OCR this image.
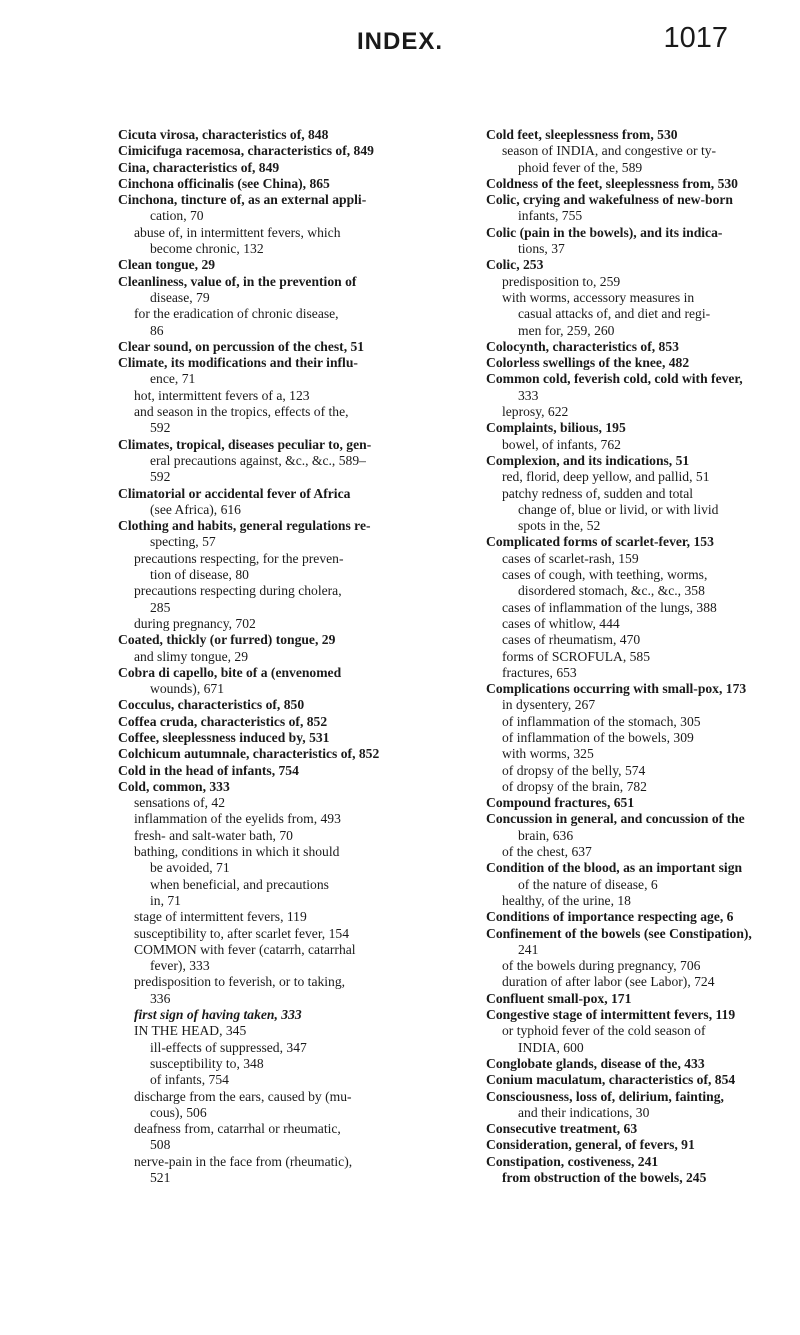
INDEX.	1017
Cicuta virosa, characteristics of, 848
Cimicifuga racemosa, characteristics of, 849
Cina, characteristics of, 849
Cinchona officinalis (see China), 865
Cinchona, tincture of, as an external appli-
cation, 70
abuse of, in intermittent fevers, which
become chronic, 132
Clean tongue, 29
Cleanliness, value of, in the prevention of
disease, 79
for the eradication of chronic disease,
86
Clear sound, on percussion of the chest, 51
Climate, its modifications and their influ-
ence, 71
hot, intermittent fevers of a, 123
and season in the tropics, effects of the,
592
Climates, tropical, diseases peculiar to, gen-
eral precautions against, &c., &c., 589–
592
Climatorial or accidental fever of Africa
(see Africa), 616
Clothing and habits, general regulations re-
specting, 57
precautions respecting, for the preven-
tion of disease, 80
precautions respecting during cholera,
285
during pregnancy, 702
Coated, thickly (or furred) tongue, 29
and slimy tongue, 29
Cobra di capello, bite of a (envenomed
wounds), 671
Cocculus, characteristics of, 850
Coffea cruda, characteristics of, 852
Coffee, sleeplessness induced by, 531
Colchicum autumnale, characteristics of, 852
Cold in the head of infants, 754
Cold, common, 333
sensations of, 42
inflammation of the eyelids from, 493
fresh- and salt-water bath, 70
bathing, conditions in which it should
be avoided, 71
when beneficial, and precautions
in, 71
stage of intermittent fevers, 119
susceptibility to, after scarlet fever, 154
COMMON with fever (catarrh, catarrhal
fever), 333
predisposition to feverish, or to taking,
336
first sign of having taken, 333
IN THE HEAD, 345
ill-effects of suppressed, 347
susceptibility to, 348
of infants, 754
discharge from the ears, caused by (mu-
cous), 506
deafness from, catarrhal or rheumatic,
508
nerve-pain in the face from (rheumatic),
521
Cold feet, sleeplessness from, 530
season of INDIA, and congestive or ty-
phoid fever of the, 589
Coldness of the feet, sleeplessness from, 530
Colic, crying and wakefulness of new-born
infants, 755
Colic (pain in the bowels), and its indica-
tions, 37
Colic, 253
predisposition to, 259
with worms, accessory measures in
casual attacks of, and diet and regi-
men for, 259, 260
Colocynth, characteristics of, 853
Colorless swellings of the knee, 482
Common cold, feverish cold, cold with fever,
333
leprosy, 622
Complaints, bilious, 195
bowel, of infants, 762
Complexion, and its indications, 51
red, florid, deep yellow, and pallid, 51
patchy redness of, sudden and total
change of, blue or livid, or with livid
spots in the, 52
Complicated forms of scarlet-fever, 153
cases of scarlet-rash, 159
cases of cough, with teething, worms,
disordered stomach, &c., &c., 358
cases of inflammation of the lungs, 388
cases of whitlow, 444
cases of rheumatism, 470
forms of SCROFULA, 585
fractures, 653
Complications occurring with small-pox, 173
in dysentery, 267
of inflammation of the stomach, 305
of inflammation of the bowels, 309
with worms, 325
of dropsy of the belly, 574
of dropsy of the brain, 782
Compound fractures, 651
Concussion in general, and concussion of the
brain, 636
of the chest, 637
Condition of the blood, as an important sign
of the nature of disease, 6
healthy, of the urine, 18
Conditions of importance respecting age, 6
Confinement of the bowels (see Constipation),
241
of the bowels during pregnancy, 706
duration of after labor (see Labor), 724
Confluent small-pox, 171
Congestive stage of intermittent fevers, 119
or typhoid fever of the cold season of
INDIA, 600
Conglobate glands, disease of the, 433
Conium maculatum, characteristics of, 854
Consciousness, loss of, delirium, fainting,
and their indications, 30
Consecutive treatment, 63
Consideration, general, of fevers, 91
Constipation, costiveness, 241
from obstruction of the bowels, 245
